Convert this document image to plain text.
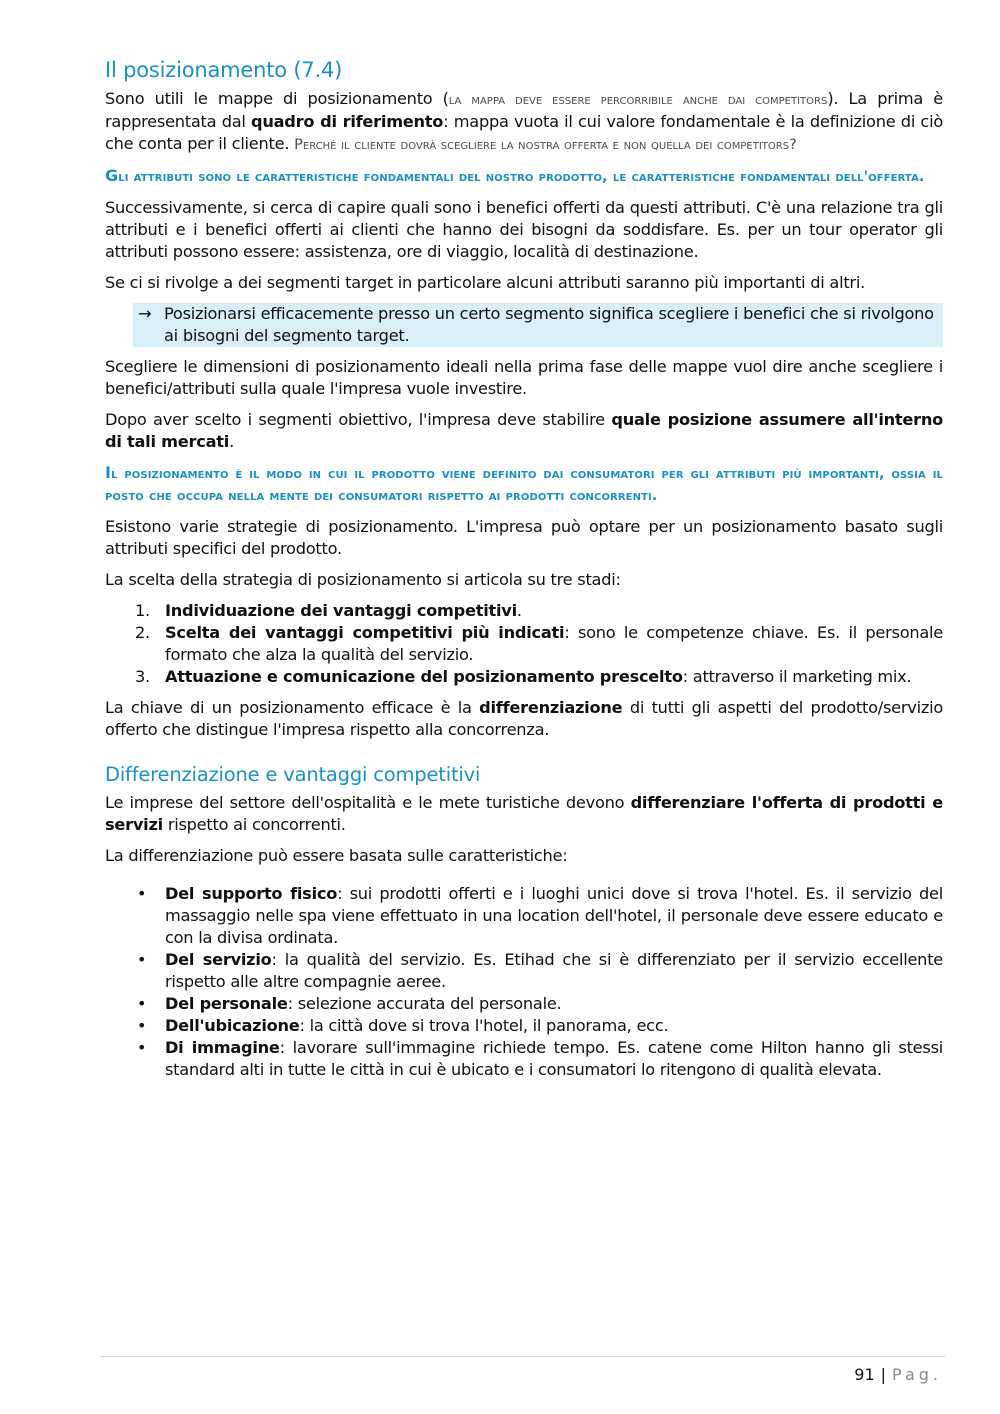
Il posizionamento (7.4)

Sono utili le mappe di posizionamento (la mappa deve essere percorribile anche dai competitors). La prima è rappresentata dal quadro di riferimento: mappa vuota il cui valore fondamentale è la definizione di ciò che conta per il cliente. Perché il cliente dovrà scegliere la nostra offerta e non quella dei competitors?

Gli attributi sono le caratteristiche fondamentali del nostro prodotto, le caratteristiche fondamentali dell'offerta.

Successivamente, si cerca di capire quali sono i benefici offerti da questi attributi. C'è una relazione tra gli attributi e i benefici offerti ai clienti che hanno dei bisogni da soddisfare. Es. per un tour operator gli attributi possono essere: assistenza, ore di viaggio, località di destinazione.

Se ci si rivolge a dei segmenti target in particolare alcuni attributi saranno più importanti di altri.

→ Posizionarsi efficacemente presso un certo segmento significa scegliere i benefici che si rivolgono ai bisogni del segmento target.

Scegliere le dimensioni di posizionamento ideali nella prima fase delle mappe vuol dire anche scegliere i benefici/attributi sulla quale l'impresa vuole investire.

Dopo aver scelto i segmenti obiettivo, l'impresa deve stabilire quale posizione assumere all'interno di tali mercati.

Il posizionamento è il modo in cui il prodotto viene definito dai consumatori per gli attributi più importanti, ossia il posto che occupa nella mente dei consumatori rispetto ai prodotti concorrenti.

Esistono varie strategie di posizionamento. L'impresa può optare per un posizionamento basato sugli attributi specifici del prodotto.

La scelta della strategia di posizionamento si articola su tre stadi:

1. Individuazione dei vantaggi competitivi.
2. Scelta dei vantaggi competitivi più indicati: sono le competenze chiave. Es. il personale formato che alza la qualità del servizio.
3. Attuazione e comunicazione del posizionamento prescelto: attraverso il marketing mix.

La chiave di un posizionamento efficace è la differenziazione di tutti gli aspetti del prodotto/servizio offerto che distingue l'impresa rispetto alla concorrenza.

Differenziazione e vantaggi competitivi

Le imprese del settore dell'ospitalità e le mete turistiche devono differenziare l'offerta di prodotti e servizi rispetto ai concorrenti.

La differenziazione può essere basata sulle caratteristiche:

• Del supporto fisico: sui prodotti offerti e i luoghi unici dove si trova l'hotel. Es. il servizio del massaggio nelle spa viene effettuato in una location dell'hotel, il personale deve essere educato e con la divisa ordinata.
• Del servizio: la qualità del servizio. Es. Etihad che si è differenziato per il servizio eccellente rispetto alle altre compagnie aeree.
• Del personale: selezione accurata del personale.
• Dell'ubicazione: la città dove si trova l'hotel, il panorama, ecc.
• Di immagine: lavorare sull'immagine richiede tempo. Es. catene come Hilton hanno gli stessi standard alti in tutte le città in cui è ubicato e i consumatori lo ritengono di qualità elevata.
91 | Pag.
